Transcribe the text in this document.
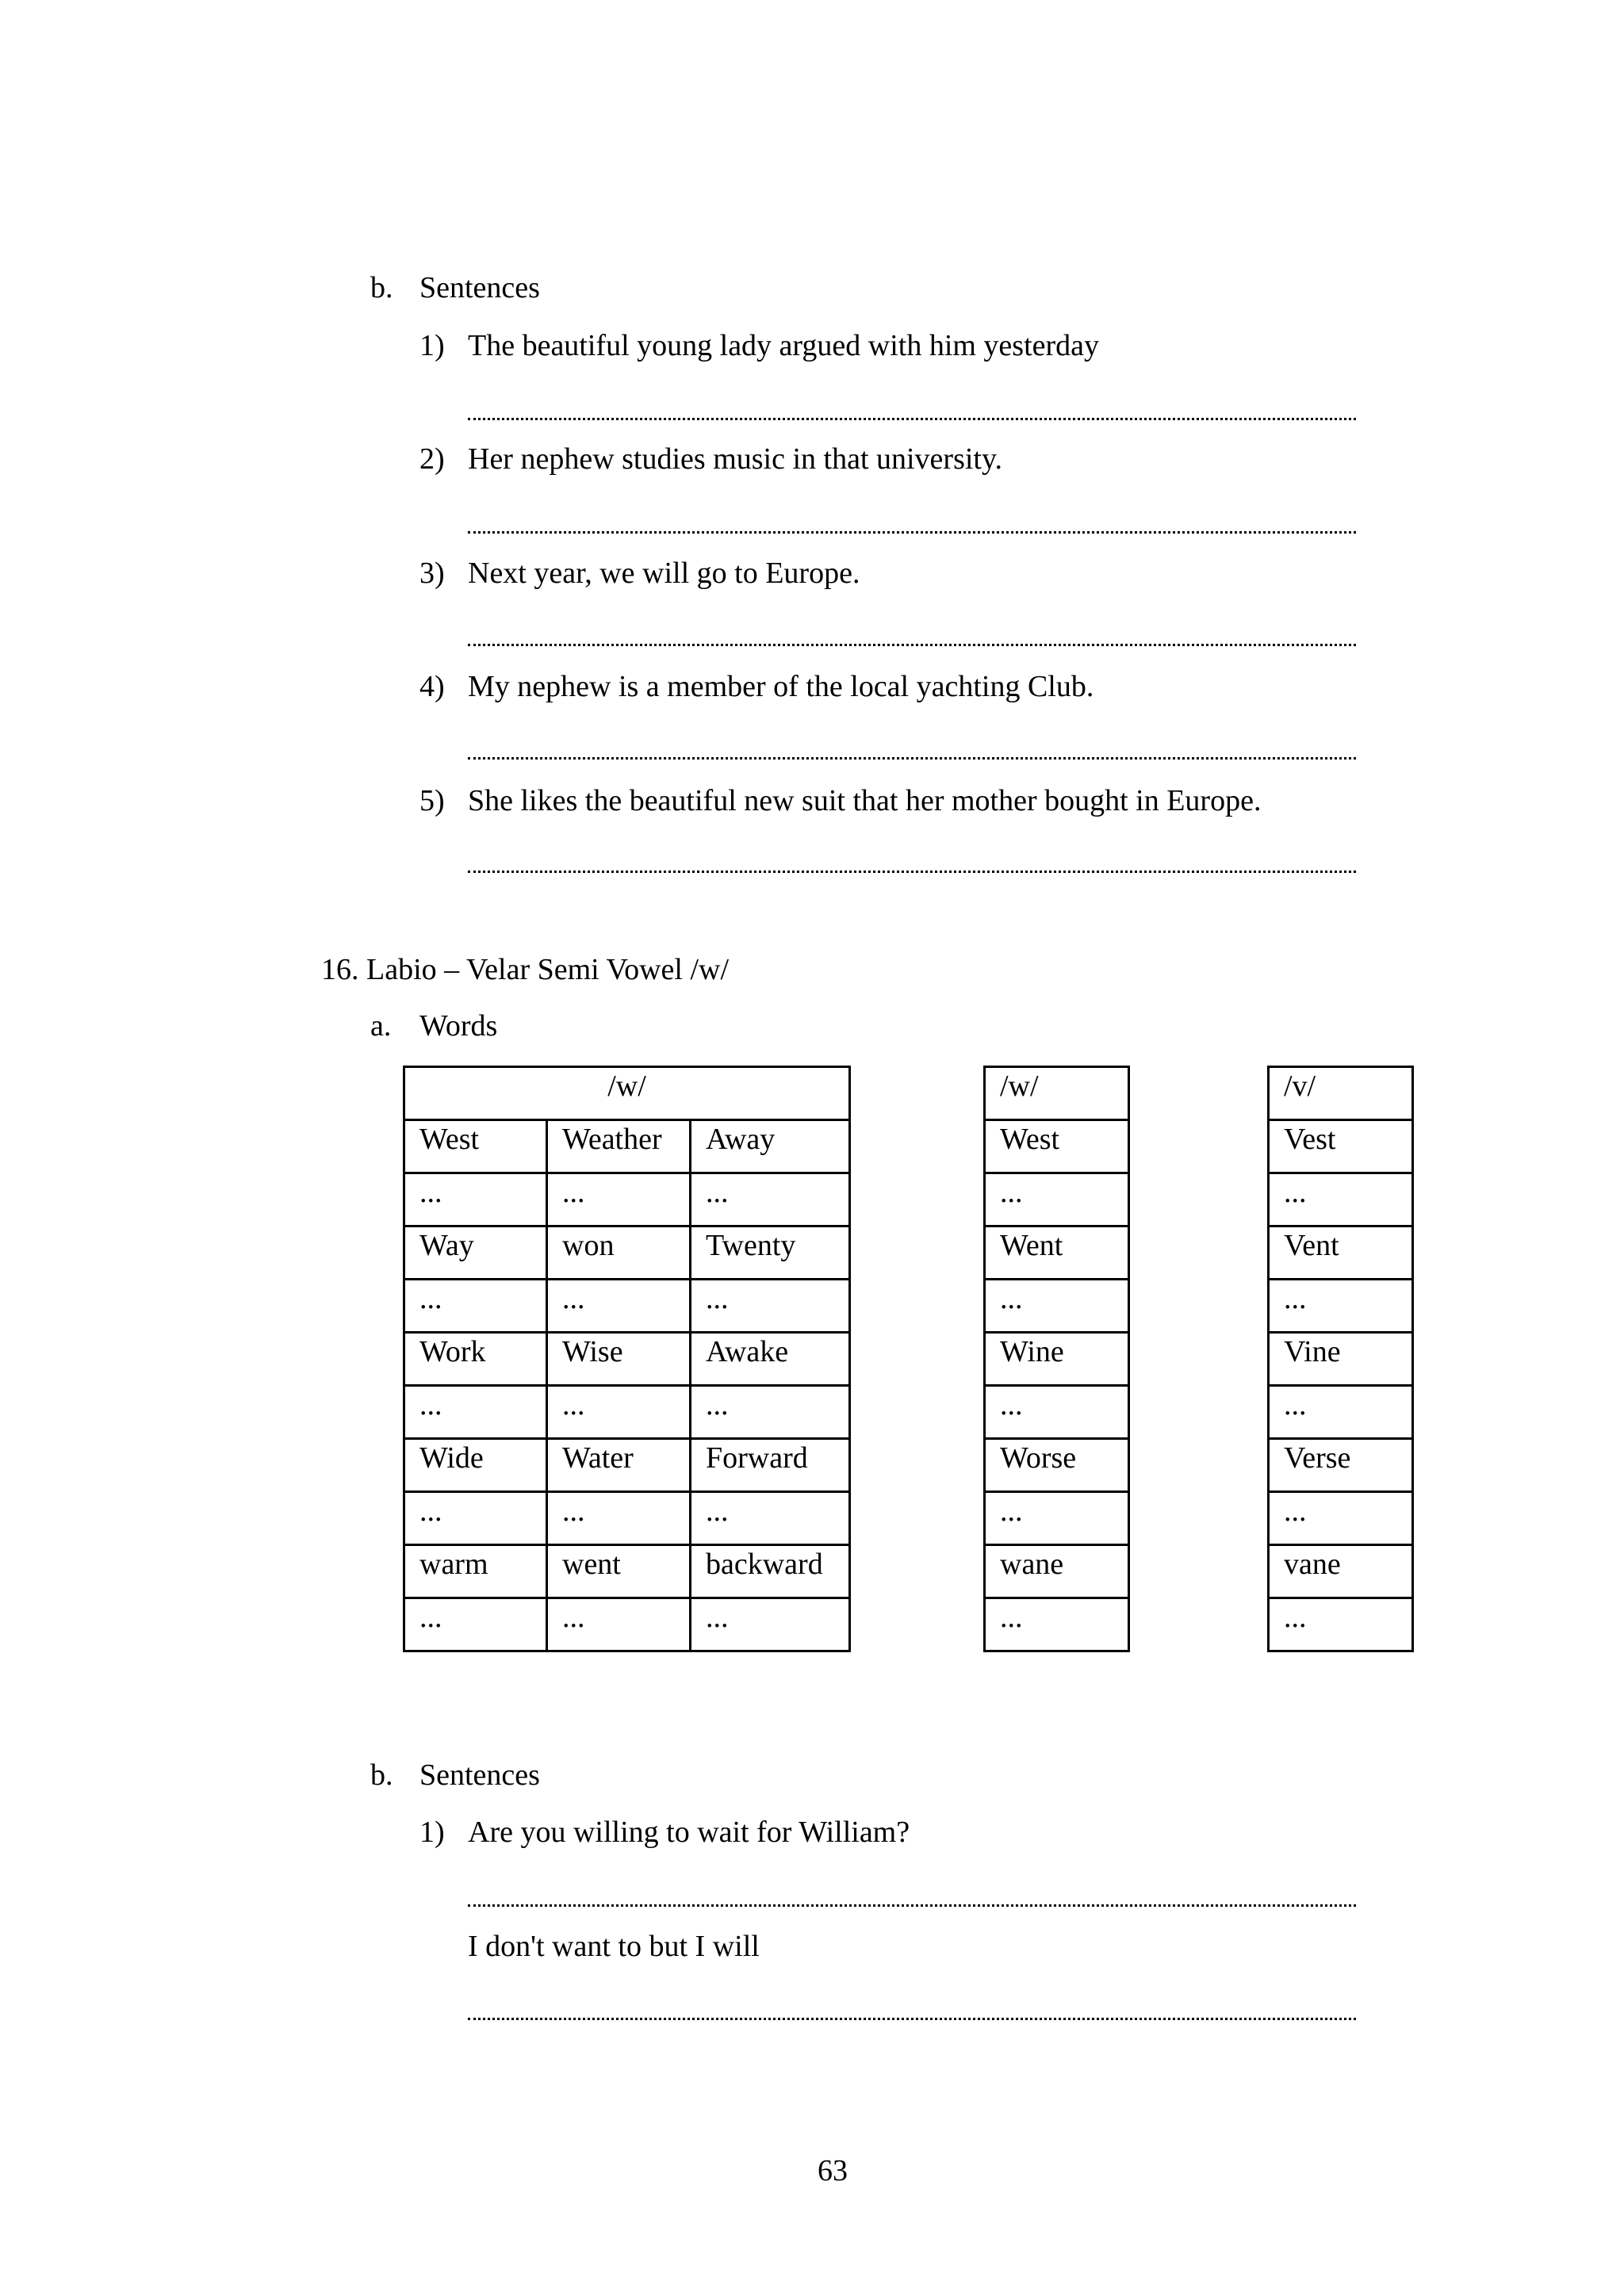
b. Sentences
1) The beautiful young lady argued with him yesterday
2) Her nephew studies music in that university.
3) Next year, we will go to Europe.
4) My nephew is a member of the local yachting Club.
5) She likes the beautiful new suit that her mother bought in Europe.
16. Labio – Velar Semi Vowel /w/
a. Words
/w/		
West	Weather	Away
...	...	...
Way	won	Twenty
...	...	...
Work	Wise	Awake
...	...	...
Wide	Water	Forward
...	...	...
warm	went	backward
...	...	...
/w/
West
...
Went
...
Wine
...
Worse
...
wane
...
/v/
Vest
...
Vent
...
Vine
...
Verse
...
vane
...
b. Sentences
1) Are you willing to wait for William?
I don't want to but I will
63
